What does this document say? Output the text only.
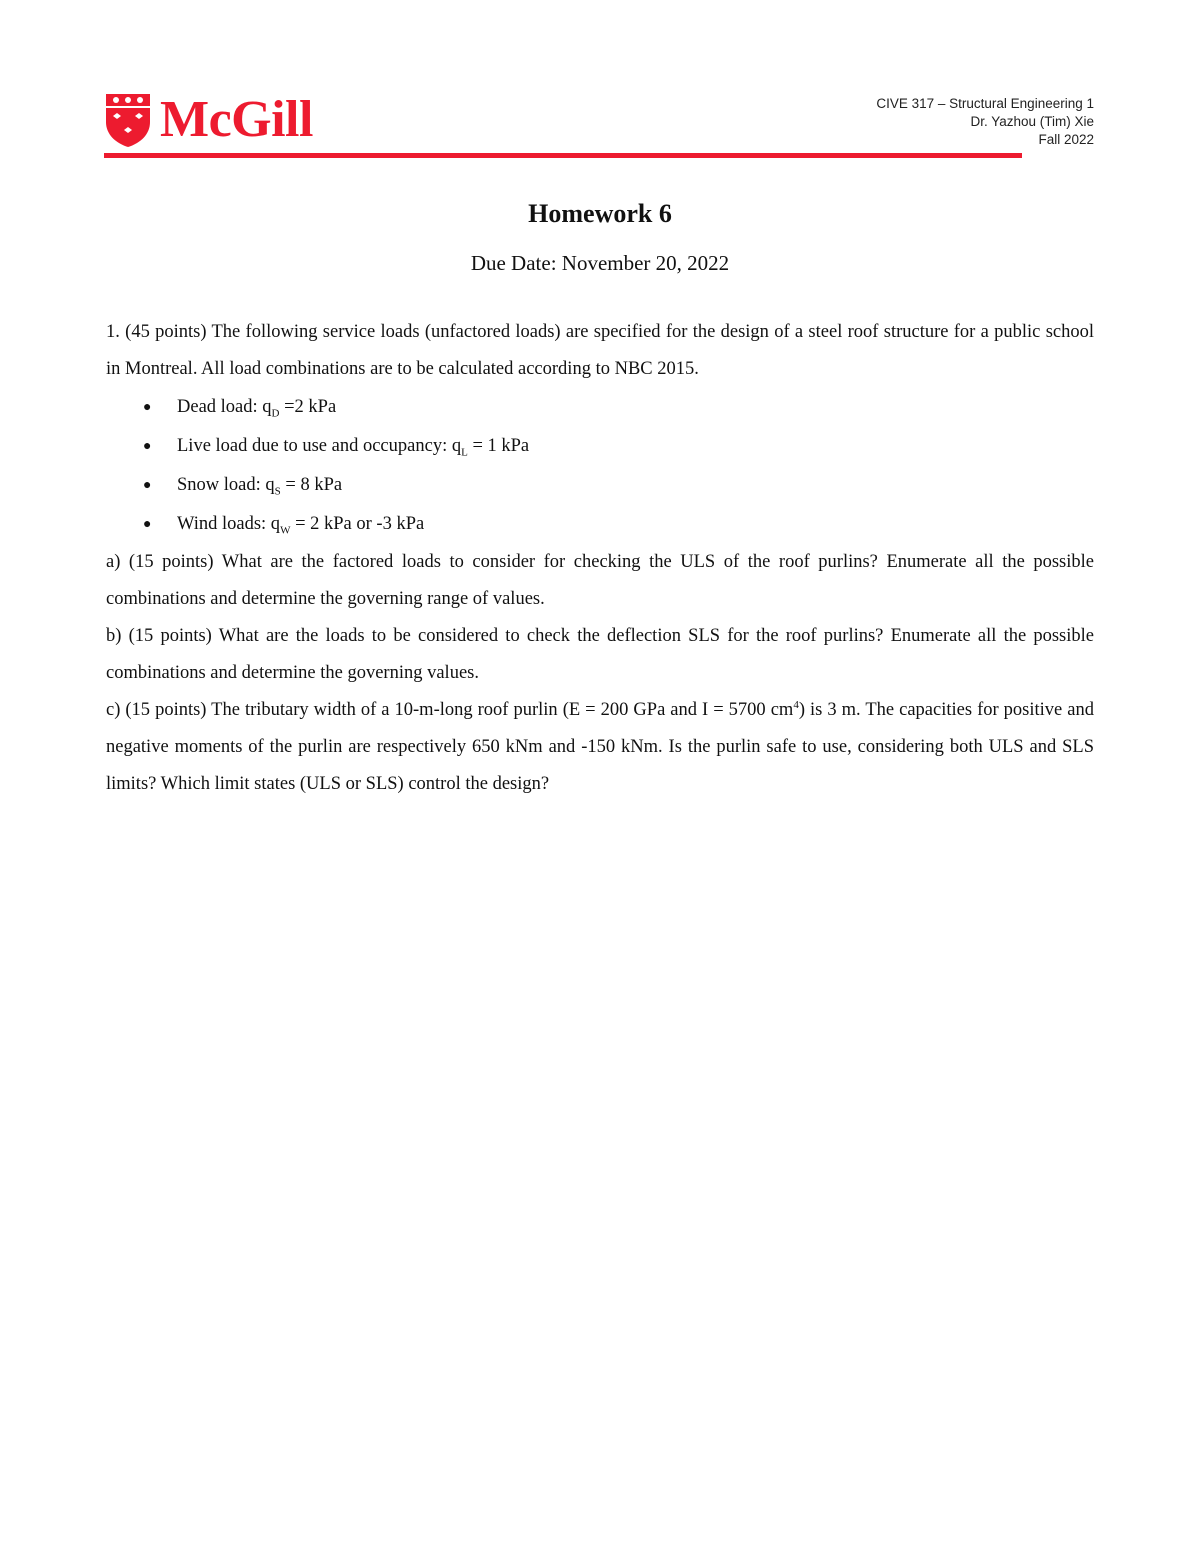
McGill	CIVE 317 – Structural Engineering 1
Dr. Yazhou (Tim) Xie
Fall 2022
Homework 6
Due Date: November 20, 2022

1. (45 points) The following service loads (unfactored loads) are specified for the design of a steel roof structure for a public school in Montreal. All load combinations are to be calculated according to NBC 2015.

● Dead load: $q_D =2$ kPa
● Live load due to use and occupancy: $q_L = 1$ kPa
● Snow load: $q_S = 8$ kPa
● Wind loads: $q_W = 2$ kPa or -3 kPa

a) (15 points) What are the factored loads to consider for checking the ULS of the roof purlins? Enumerate all the possible combinations and determine the governing range of values.

b) (15 points) What are the loads to be considered to check the deflection SLS for the roof purlins? Enumerate all the possible combinations and determine the governing values.

c) (15 points) The tributary width of a 10-m-long roof purlin (E = 200 GPa and I = 5700 $cm^4$) is 3 m. The capacities for positive and negative moments of the purlin are respectively 650 kNm and -150 kNm. Is the purlin safe to use, considering both ULS and SLS limits? Which limit states (ULS or SLS) control the design?
